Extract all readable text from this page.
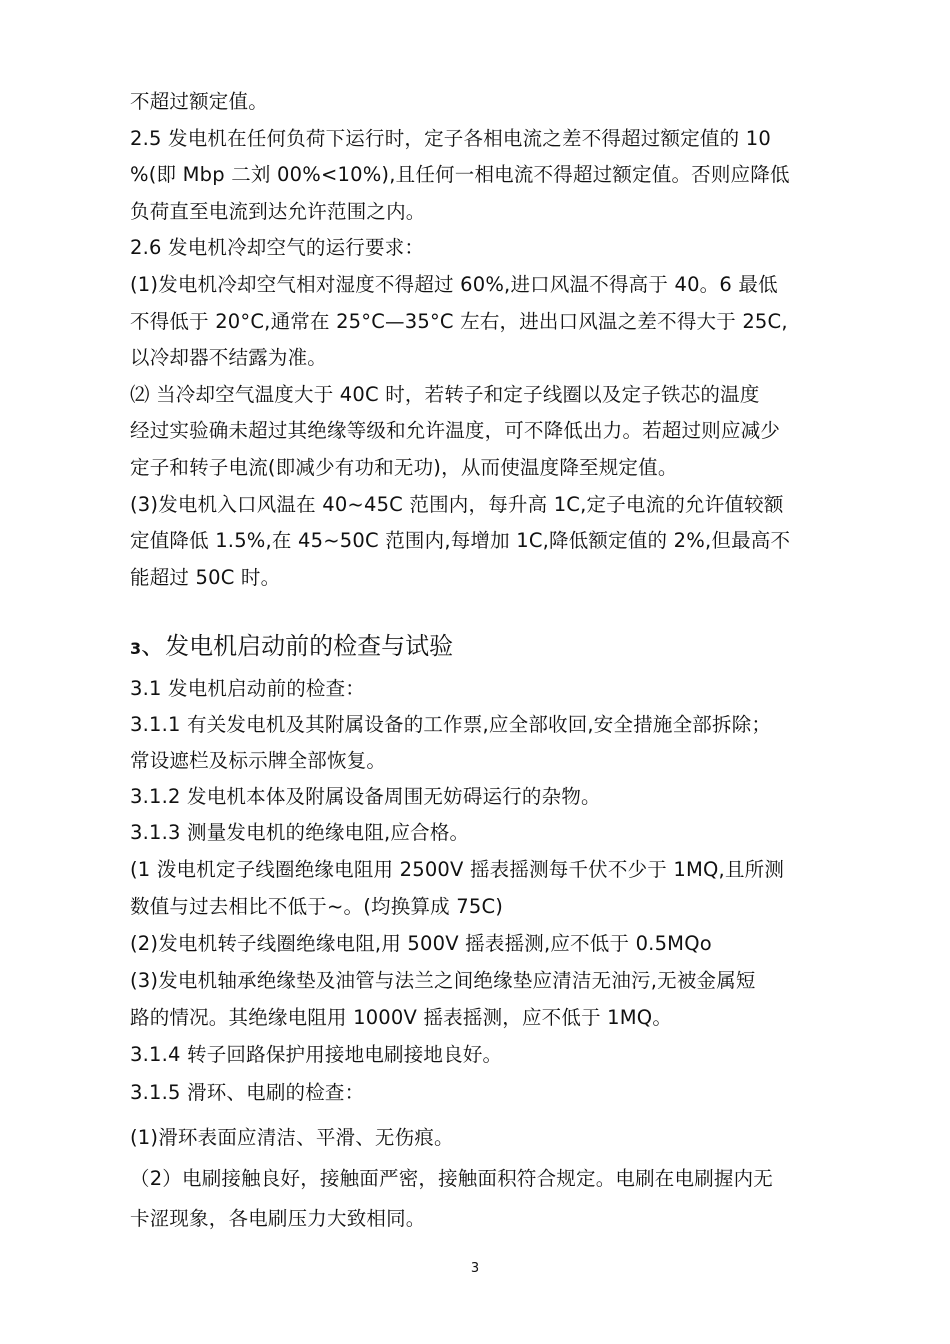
不超过额定值。
2.5 发电机在任何负荷下运行时，定子各相电流之差不得超过额定值的 10
%(即 Mbp 二刘 00%<10%),且任何一相电流不得超过额定值。否则应降低
负荷直至电流到达允许范围之内。
2.6 发电机冷却空气的运行要求：
(1)发电机冷却空气相对湿度不得超过 60%,进口风温不得高于 40。6 最低
不得低于 20°C,通常在 25°C—35°C 左右，进出口风温之差不得大于 25C,
以冷却器不结露为准。
⑵ 当冷却空气温度大于 40C 时，若转子和定子线圈以及定子铁芯的温度
经过实验确未超过其绝缘等级和允许温度，可不降低出力。若超过则应减少
定子和转子电流(即减少有功和无功)，从而使温度降至规定值。
(3)发电机入口风温在 40~45C 范围内，每升高 1C,定子电流的允许值较额
定值降低 1.5%,在 45~50C 范围内,每增加 1C,降低额定值的 2%,但最高不
能超过 50C 时。
3、发电机启动前的检查与试验
3.1 发电机启动前的检查：
3.1.1 有关发电机及其附属设备的工作票,应全部收回,安全措施全部拆除；
常设遮栏及标示牌全部恢复。
3.1.2 发电机本体及附属设备周围无妨碍运行的杂物。
3.1.3 测量发电机的绝缘电阻,应合格。
(1 泼电机定子线圈绝缘电阻用 2500V 摇表摇测每千伏不少于 1MQ,且所测
数值与过去相比不低于~。(均换算成 75C)
(2)发电机转子线圈绝缘电阻,用 500V 摇表摇测,应不低于 0.5MQo
(3)发电机轴承绝缘垫及油管与法兰之间绝缘垫应清洁无油污,无被金属短
路的情况。其绝缘电阻用 1000V 摇表摇测，应不低于 1MQ。
3.1.4 转子回路保护用接地电刷接地良好。
3.1.5 滑环、电刷的检查：
(1)滑环表面应清洁、平滑、无伤痕。
（2）电刷接触良好，接触面严密，接触面积符合规定。电刷在电刷握内无
卡涩现象，各电刷压力大致相同。
3
